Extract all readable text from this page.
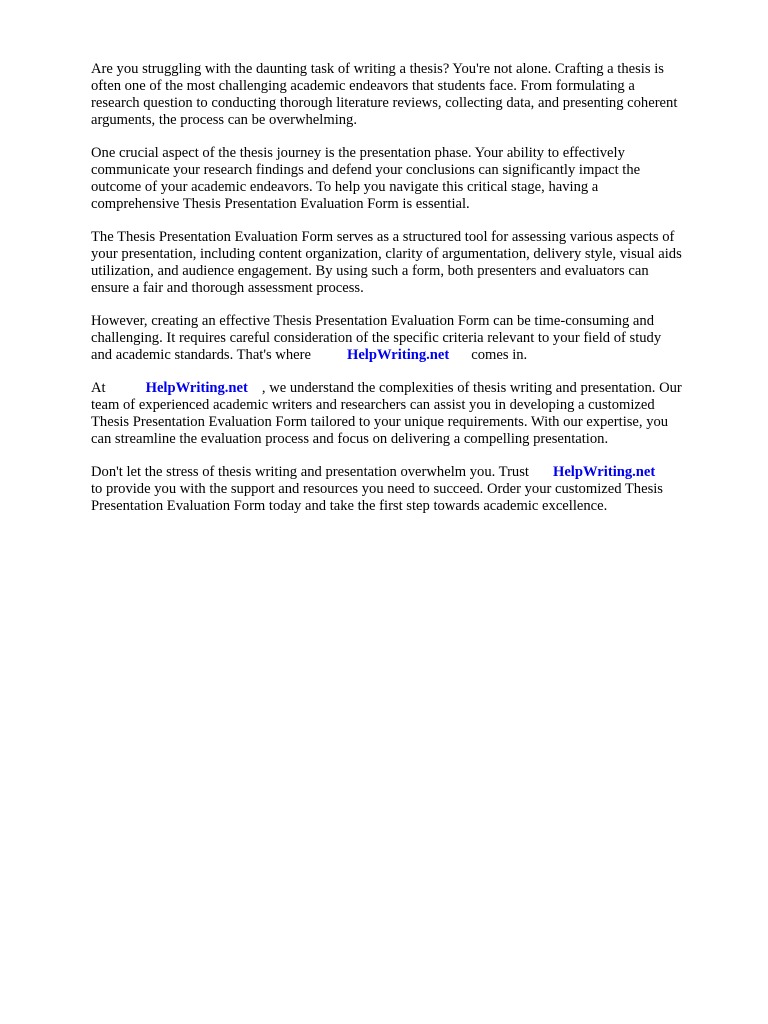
Are you struggling with the daunting task of writing a thesis? You're not alone. Crafting a thesis is
often one of the most challenging academic endeavors that students face. From formulating a
research question to conducting thorough literature reviews, collecting data, and presenting coherent
arguments, the process can be overwhelming.

One crucial aspect of the thesis journey is the presentation phase. Your ability to effectively
communicate your research findings and defend your conclusions can significantly impact the
outcome of your academic endeavors. To help you navigate this critical stage, having a
comprehensive Thesis Presentation Evaluation Form is essential.

The Thesis Presentation Evaluation Form serves as a structured tool for assessing various aspects of
your presentation, including content organization, clarity of argumentation, delivery style, visual aids
utilization, and audience engagement. By using such a form, both presenters and evaluators can
ensure a fair and thorough assessment process.

However, creating an effective Thesis Presentation Evaluation Form can be time-consuming and
challenging. It requires careful consideration of the specific criteria relevant to your field of study
and academic standards. That's where HelpWriting.net comes in.

At	HelpWriting.net , we understand the complexities of thesis writing and presentation. Our
team of experienced academic writers and researchers can assist you in developing a customized
Thesis Presentation Evaluation Form tailored to your unique requirements. With our expertise, you
can streamline the evaluation process and focus on delivering a compelling presentation.

Don't let the stress of thesis writing and presentation overwhelm you. Trust HelpWriting.net
to provide you with the support and resources you need to succeed. Order your customized Thesis
Presentation Evaluation Form today and take the first step towards academic excellence.
